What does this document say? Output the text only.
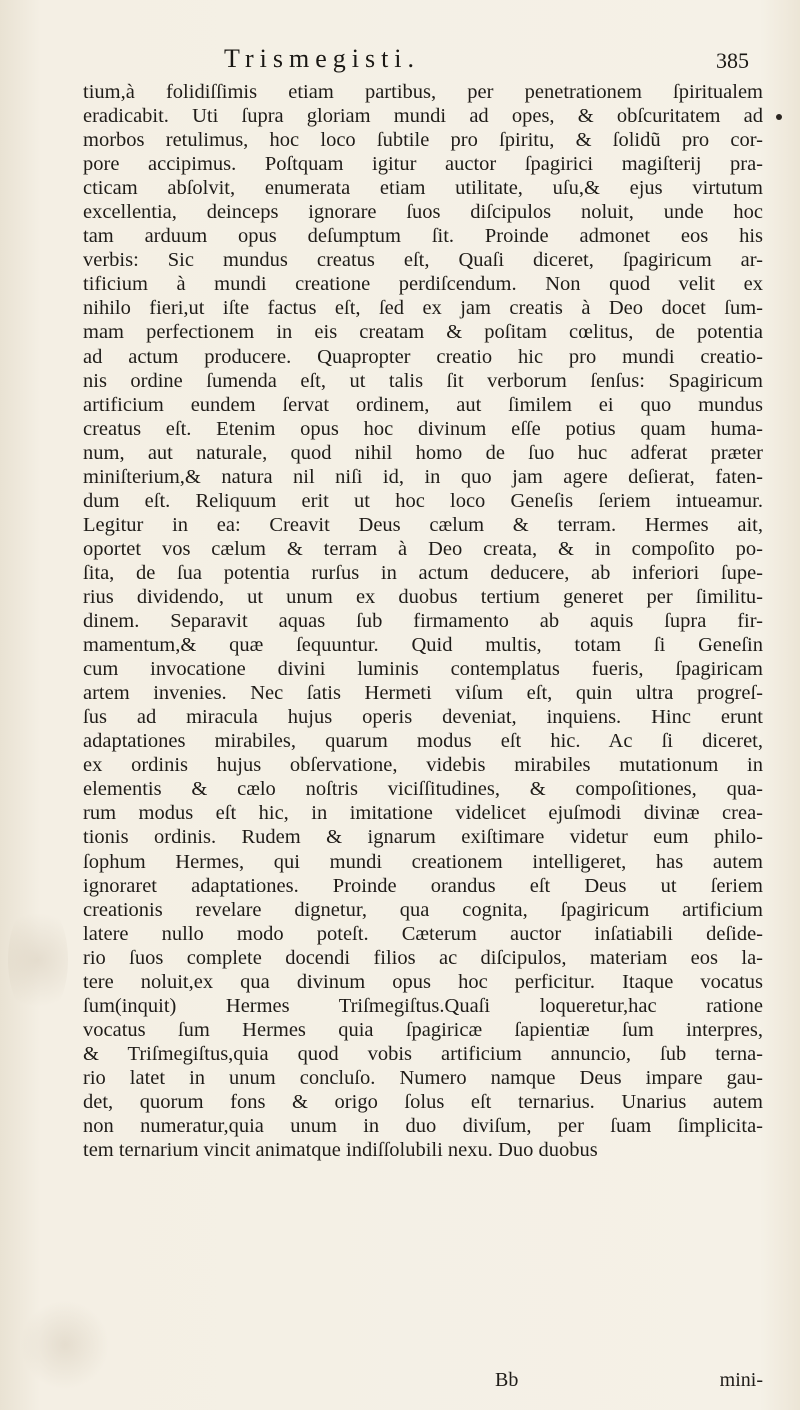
Trismegisti.	385
tium,à folidiſſimis etiam partibus, per penetrationem ſpiritualem
eradicabit. Uti ſupra gloriam mundi ad opes, & obſcuritatem ad
morbos retulimus, hoc loco ſubtile pro ſpiritu, & ſolidũ pro cor-
pore accipimus. Poſtquam igitur auctor ſpagirici magiſterij pra-
cticam abſolvit, enumerata etiam utilitate, uſu,& ejus virtutum
excellentia, deinceps ignorare ſuos diſcipulos noluit, unde hoc
tam arduum opus deſumptum ſit. Proinde admonet eos his
verbis: Sic mundus creatus eſt, Quaſi diceret, ſpagiricum ar-
tificium à mundi creatione perdiſcendum. Non quod velit ex
nihilo fieri,ut iſte factus eſt, ſed ex jam creatis à Deo docet ſum-
mam perfectionem in eis creatam & poſitam cœlitus, de potentia
ad actum producere. Quapropter creatio hic pro mundi creatio-
nis ordine ſumenda eſt, ut talis ſit verborum ſenſus: Spagiricum
artificium eundem ſervat ordinem, aut ſimilem ei quo mundus
creatus eſt. Etenim opus hoc divinum eſſe potius quam huma-
num, aut naturale, quod nihil homo de ſuo huc adferat præter
miniſterium,& natura nil niſi id, in quo jam agere deſierat, faten-
dum eſt. Reliquum erit ut hoc loco Geneſis ſeriem intueamur.
Legitur in ea: Creavit Deus cælum & terram. Hermes ait,
oportet vos cælum & terram à Deo creata, & in compoſito po-
ſita, de ſua potentia rurſus in actum deducere, ab inferiori ſupe-
rius dividendo, ut unum ex duobus tertium generet per ſimilitu-
dinem. Separavit aquas ſub firmamento ab aquis ſupra fir-
mamentum,& quæ ſequuntur. Quid multis, totam ſi Geneſin
cum invocatione divini luminis contemplatus fueris, ſpagiricam
artem invenies. Nec ſatis Hermeti viſum eſt, quin ultra progreſ-
ſus ad miracula hujus operis deveniat, inquiens. Hinc erunt
adaptationes mirabiles, quarum modus eſt hic. Ac ſi diceret,
ex ordinis hujus obſervatione, videbis mirabiles mutationum in
elementis & cælo noſtris viciſſitudines, & compoſitiones, qua-
rum modus eſt hic, in imitatione videlicet ejuſmodi divinæ crea-
tionis ordinis. Rudem & ignarum exiſtimare videtur eum philo-
ſophum Hermes, qui mundi creationem intelligeret, has autem
ignoraret adaptationes. Proinde orandus eſt Deus ut ſeriem
creationis revelare dignetur, qua cognita, ſpagiricum artificium
latere nullo modo poteſt. Cæterum auctor inſatiabili deſide-
rio ſuos complete docendi filios ac diſcipulos, materiam eos la-
tere noluit,ex qua divinum opus hoc perficitur. Itaque vocatus
ſum(inquit) Hermes Triſmegiſtus.Quaſi loqueretur,hac ratione
vocatus ſum Hermes quia ſpagiricæ ſapientiæ ſum interpres,
& Triſmegiſtus,quia quod vobis artificium annuncio, ſub terna-
rio latet in unum concluſo. Numero namque Deus impare gau-
det, quorum fons & origo ſolus eſt ternarius. Unarius autem
non numeratur,quia unum in duo diviſum, per ſuam ſimplicita-
tem ternarium vincit animatque indiſſolubili nexu. Duo duobus
Bb	mini-
